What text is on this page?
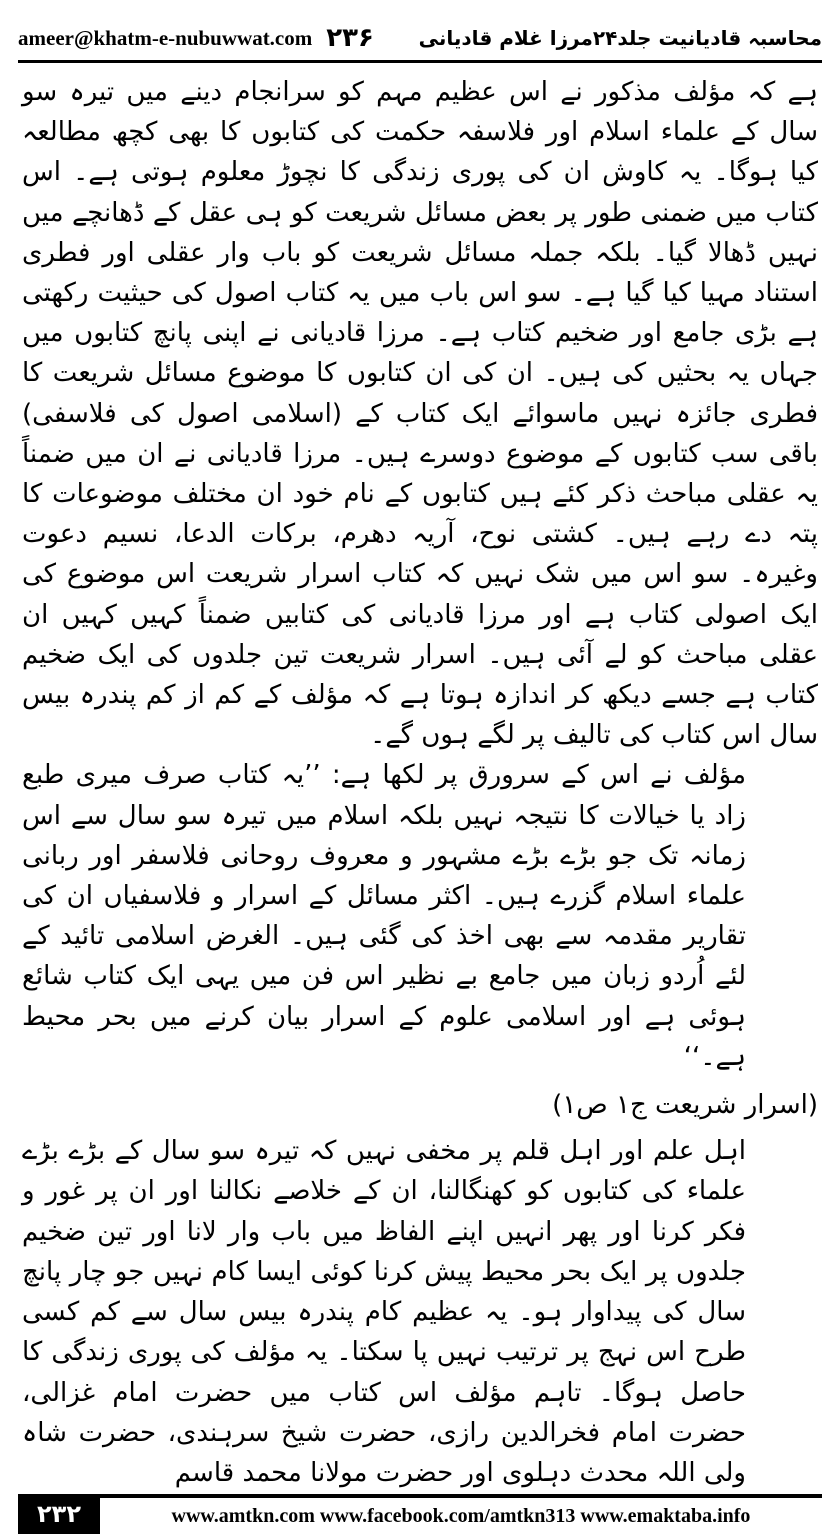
ameer@khatm-e-nubuwwat.com ۲۳۶ محاسبہ قادیانیت جلد۲۴مرزا غلام قادیانی

ہے کہ مؤلف مذکور نے اس عظیم مہم کو سرانجام دینے میں تیرہ سو سال کے علماء اسلام اور فلاسفہ حکمت کی کتابوں کا بھی کچھ مطالعہ کیا ہوگا۔ یہ کاوش ان کی پوری زندگی کا نچوڑ معلوم ہوتی ہے۔ اس کتاب میں ضمنی طور پر بعض مسائل شریعت کو ہی عقل کے ڈھانچے میں نہیں ڈھالا گیا۔ بلکہ جملہ مسائل شریعت کو باب وار عقلی اور فطری استناد مہیا کیا گیا ہے۔ سو اس باب میں یہ کتاب اصول کی حیثیت رکھتی ہے بڑی جامع اور ضخیم کتاب ہے۔ مرزا قادیانی نے اپنی پانچ کتابوں میں جہاں یہ بحثیں کی ہیں۔ ان کی ان کتابوں کا موضوع مسائل شریعت کا فطری جائزہ نہیں ماسوائے ایک کتاب کے (اسلامی اصول کی فلاسفی) باقی سب کتابوں کے موضوع دوسرے ہیں۔ مرزا قادیانی نے ان میں ضمناً یہ عقلی مباحث ذکر کئے ہیں کتابوں کے نام خود ان مختلف موضوعات کا پتہ دے رہے ہیں۔ کشتی نوح، آریہ دھرم، برکات الدعا، نسیم دعوت وغیرہ۔ سو اس میں شک نہیں کہ کتاب اسرار شریعت اس موضوع کی ایک اصولی کتاب ہے اور مرزا قادیانی کی کتابیں ضمناً کہیں کہیں ان عقلی مباحث کو لے آئی ہیں۔ اسرار شریعت تین جلدوں کی ایک ضخیم کتاب ہے جسے دیکھ کر اندازہ ہوتا ہے کہ مؤلف کے کم از کم پندرہ بیس سال اس کتاب کی تالیف پر لگے ہوں گے۔

مؤلف نے اس کے سرورق پر لکھا ہے: ’’یہ کتاب صرف میری طبع زاد یا خیالات کا نتیجہ نہیں بلکہ اسلام میں تیرہ سو سال سے اس زمانہ تک جو بڑے بڑے مشہور و معروف روحانی فلاسفر اور ربانی علماء اسلام گزرے ہیں۔ اکثر مسائل کے اسرار و فلاسفیاں ان کی تقاریر مقدمہ سے بھی اخذ کی گئی ہیں۔ الغرض اسلامی تائید کے لئے اُردو زبان میں جامع بے نظیر اس فن میں یہی ایک کتاب شائع ہوئی ہے اور اسلامی علوم کے اسرار بیان کرنے میں بحر محیط ہے۔‘‘

(اسرار شریعت ج۱ ص۱)

اہل علم اور اہل قلم پر مخفی نہیں کہ تیرہ سو سال کے بڑے بڑے علماء کی کتابوں کو کھنگالنا، ان کے خلاصے نکالنا اور ان پر غور و فکر کرنا اور پھر انہیں اپنے الفاظ میں باب وار لانا اور تین ضخیم جلدوں پر ایک بحر محیط پیش کرنا کوئی ایسا کام نہیں جو چار پانچ سال کی پیداوار ہو۔ یہ عظیم کام پندرہ بیس سال سے کم کسی طرح اس نہج پر ترتیب نہیں پا سکتا۔ یہ مؤلف کی پوری زندگی کا حاصل ہوگا۔ تاہم مؤلف اس کتاب میں حضرت امام غزالی، حضرت امام فخرالدین رازی، حضرت شیخ سرہندی، حضرت شاہ ولی اللہ محدث دہلوی اور حضرت مولانا محمد قاسم

۲۳۲	www.amtkn.com www.facebook.com/amtkn313 www.emaktaba.info
